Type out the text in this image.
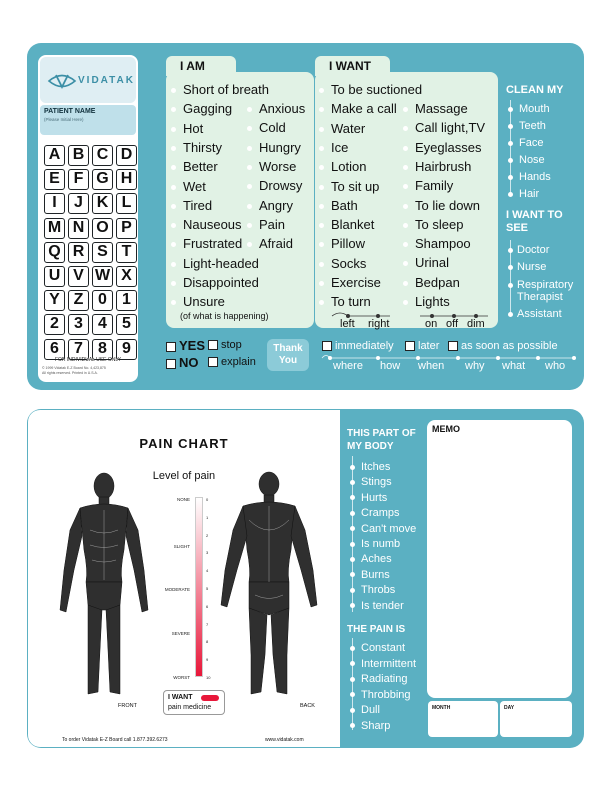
VIDATAK
PATIENT NAME
(Please Initial Here)
A B C D
E F G H
I	J K L
M N O P
Q R S T
U V W X
Y Z 0 1
2 3 4 5
6 7 8 9
FOR INDIVIDUAL USE ONLY
© 1999 Vidatak E-Z Board No. 4,423,875
All rights reserved. Printed in U.S.A.
I AM
Short of breath
Gagging
Hot
Thirsty
Better
Wet
Tired
Nauseous
Frustrated
Light-headed
Disappointed
Unsure
Anxious
Cold
Hungry
Worse
Drowsy
Angry
Pain
Afraid
(of what is happening)
I WANT
To be suctioned
Make a call
Water
Ice
Lotion
To sit up
Bath
Blanket
Pillow
Socks
Exercise
To turn
Massage
Call light,TV
Eyeglasses
Hairbrush
Family
To lie down
To sleep
Shampoo
Urinal
Bedpan
Lights
left right	on off dim
CLEAN MY
Mouth
Teeth
Face
Nose
Hands
Hair
I WANT TO SEE
Doctor
Nurse
Respiratory Therapist
Assistant
YES
NO
stop
explain
Thank You
immediately	later	as soon as possible
where how when why what who
PAIN CHART
Level of pain
FRONT	BACK
NONE
SLIGHT
MODERATE
SEVERE
WORST
0
1
2
3
4
5
6
7
8
9
10
I WANT
pain medicine
To order Vidatak E-Z Board call 1.877.392.6273	www.vidatak.com
THIS PART OF MY BODY
Itches
Stings
Hurts
Cramps
Can't move
Is numb
Aches
Burns
Throbs
Is tender
THE PAIN IS
Constant
Intermittent
Radiating
Throbbing
Dull
Sharp
MEMO
MONTH	DAY
